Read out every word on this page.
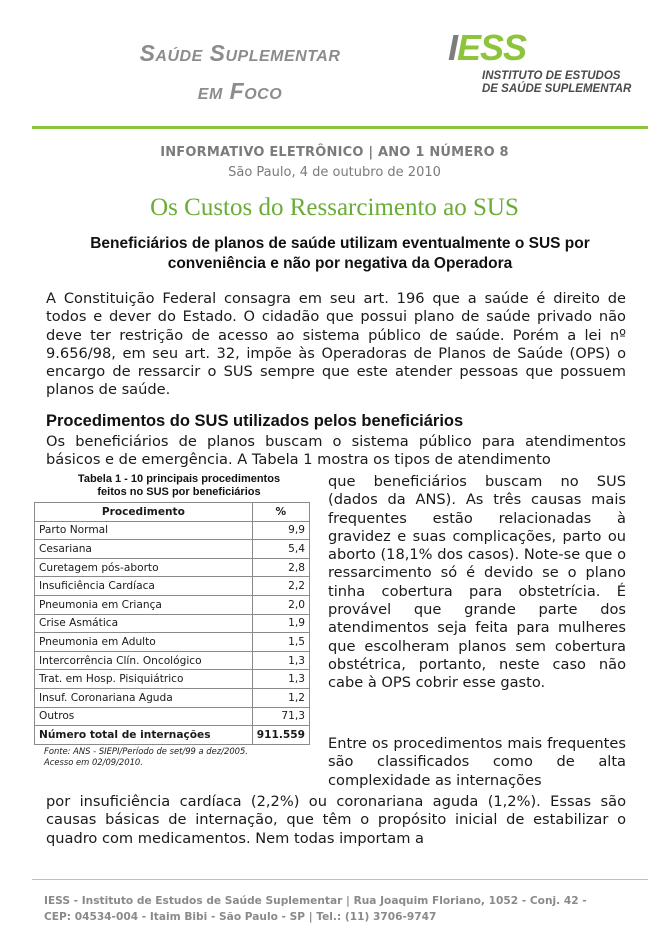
Saúde Suplementar
em Foco
IESS
INSTITUTO DE ESTUDOS
DE SAÚDE SUPLEMENTAR
INFORMATIVO ELETRÔNICO | ANO 1 NÚMERO 8
São Paulo, 4 de outubro de 2010
Os Custos do Ressarcimento ao SUS
Beneficiários de planos de saúde utilizam eventualmente o SUS por conveniência e não por negativa da Operadora
A Constituição Federal consagra em seu art. 196 que a saúde é direito de todos e dever do Estado. O cidadão que possui plano de saúde privado não deve ter restrição de acesso ao sistema público de saúde. Porém a lei nº 9.656/98, em seu art. 32, impõe às Operadoras de Planos de Saúde (OPS) o encargo de ressarcir o SUS sempre que este atender pessoas que possuem planos de saúde.
Procedimentos do SUS utilizados pelos beneficiários
Os beneficiários de planos buscam o sistema público para atendimentos básicos e de emergência. A Tabela 1 mostra os tipos de atendimento
Tabela 1 - 10 principais procedimentos
feitos no SUS por beneficiários
Procedimento	%
Parto Normal	9,9
Cesariana	5,4
Curetagem pós-aborto	2,8
Insuficiência Cardíaca	2,2
Pneumonia em Criança	2,0
Crise Asmática	1,9
Pneumonia em Adulto	1,5
Intercorrência Clín. Oncológico	1,3
Trat. em Hosp. Pisiquiátrico	1,3
Insuf. Coronariana Aguda	1,2
Outros	71,3
Número total de internações	911.559
Fonte: ANS - SIEPI/Período de set/99 a dez/2005.
Acesso em 02/09/2010.
que beneficiários buscam no SUS (dados da ANS). As três causas mais frequentes estão relacionadas à gravidez e suas complicações, parto ou aborto (18,1% dos casos). Note-se que o ressarcimento só é devido se o plano tinha cobertura para obstetrícia. É provável que grande parte dos atendimentos seja feita para mulheres que escolheram planos sem cobertura obstétrica, portanto, neste caso não cabe à OPS cobrir esse gasto.
Entre os procedimentos mais frequentes são classificados como de alta complexidade as internações
por insuficiência cardíaca (2,2%) ou coronariana aguda (1,2%). Essas são causas básicas de internação, que têm o propósito inicial de estabilizar o quadro com medicamentos. Nem todas importam a
IESS - Instituto de Estudos de Saúde Suplementar | Rua Joaquim Floriano, 1052 - Conj. 42 -
CEP: 04534-004 - Itaim Bibi - São Paulo - SP | Tel.: (11) 3706-9747
